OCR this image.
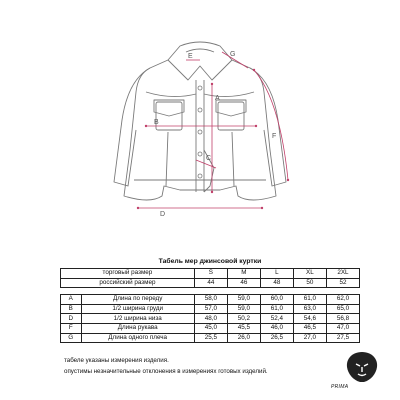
A
B
C
D
E
F
G
Табель мер джинсовой куртки						
торговый размер		S	M	L	XL	2XL
российский размер		44	46	48	50	52

A	Длина по переду	58,0	59,0	60,0	61,0	62,0
B	1/2 ширина груди	57,0	59,0	61,0	63,0	65,0
D	1/2 ширина низа	48,0	50,2	52,4	54,6	56,8
F	Длина рукава	45,0	45,5	46,0	46,5	47,0
G	Длина одного плеча	25,5	26,0	26,5	27,0	27,5
табеле указаны измерения изделия.
опустимы незначительные отклонения в измерениях готовых изделий.
PRIMA
